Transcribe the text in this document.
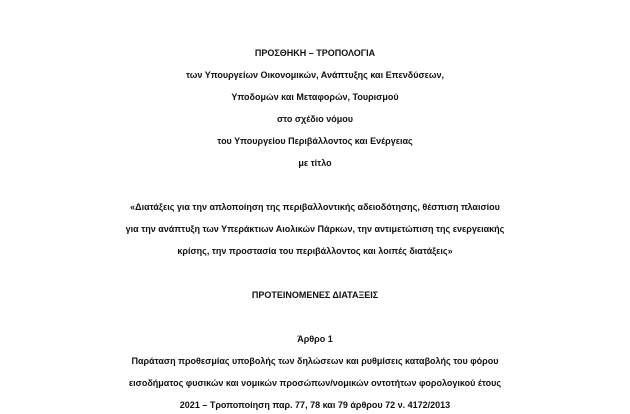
ΠΡΟΣΘΗΚΗ – ΤΡΟΠΟΛΟΓΙΑ
των Υπουργείων Οικονομικών, Ανάπτυξης και Επενδύσεων,
Υποδομών και Μεταφορών, Τουρισμού
στο σχέδιο νόμου
του Υπουργείου Περιβάλλοντος και Ενέργειας
με τίτλο
«Διατάξεις για την απλοποίηση της περιβαλλοντικής αδειοδότησης, θέσπιση πλαισίου
για την ανάπτυξη των Υπεράκτιων Αιολικών Πάρκων, την αντιμετώπιση της ενεργειακής
κρίσης, την προστασία του περιβάλλοντος και λοιπές διατάξεις»
ΠΡΟΤΕΙΝΟΜΕΝΕΣ ΔΙΑΤΑΞΕΙΣ
Άρθρο 1
Παράταση προθεσμίας υποβολής των δηλώσεων και ρυθμίσεις καταβολής του φόρου
εισοδήματος φυσικών και νομικών προσώπων/νομικών οντοτήτων φορολογικού έτους
2021 – Τροποποίηση παρ. 77, 78 και 79 άρθρου 72 ν. 4172/2013
